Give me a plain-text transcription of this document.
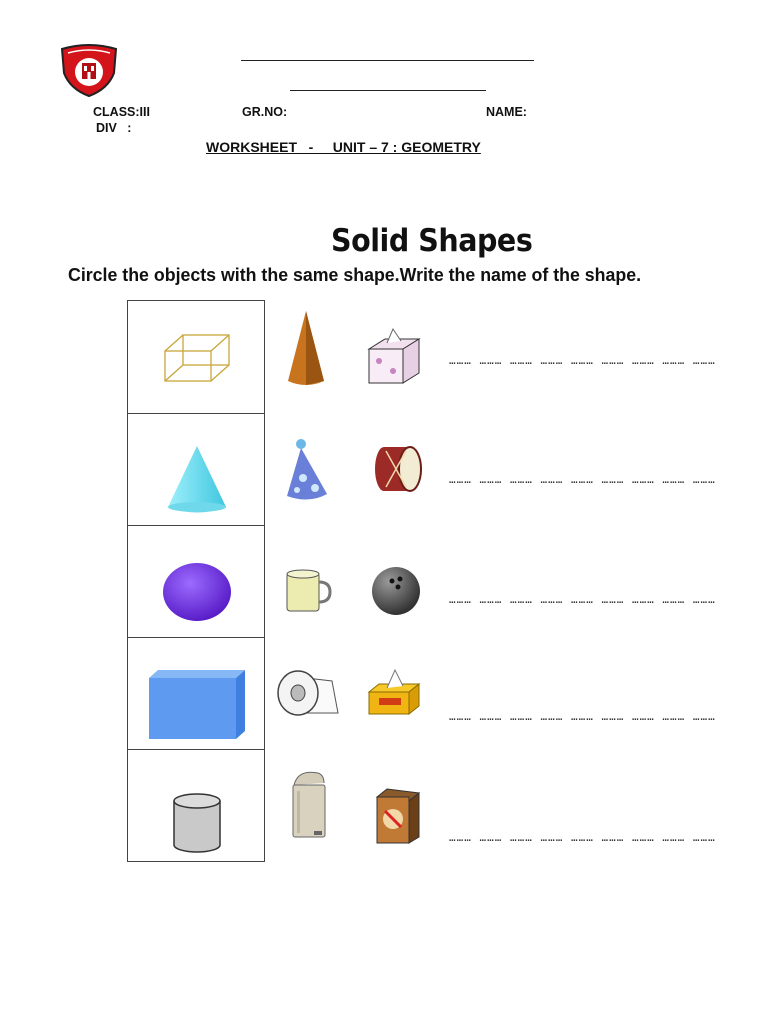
CLASS:III	GR.NO:	NAME:
DIV   :
WORKSHEET   -     UNIT – 7 : GEOMETRY
Solid Shapes
Circle the objects with the same shape.Write the name of the shape.
……… ……… ……… ……… ……… ……… ……… ……… ………
……… ……… ……… ……… ……… ……… ……… ……… ………
……… ……… ……… ……… ……… ……… ……… ……… ………
……… ……… ……… ……… ……… ……… ……… ……… ………
……… ……… ……… ……… ……… ……… ……… ……… ………
